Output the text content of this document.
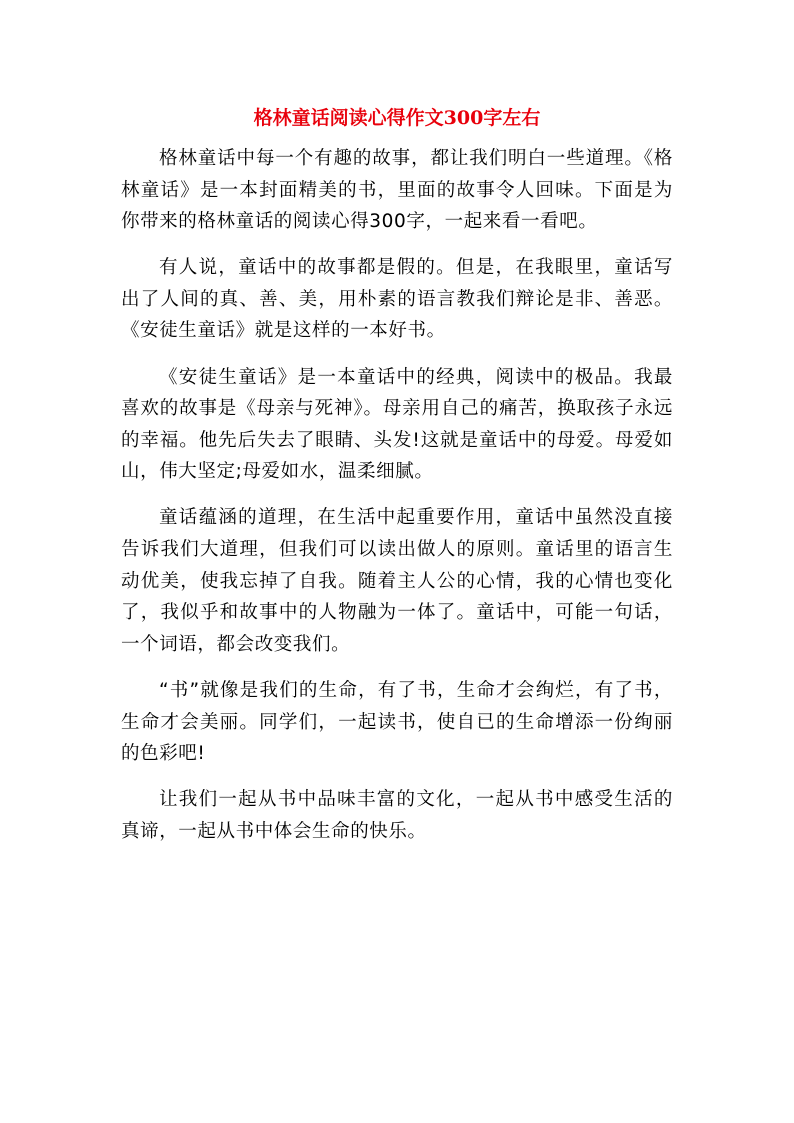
格林童话阅读心得作文300字左右

格林童话中每一个有趣的故事，都让我们明白一些道理。《格林童话》是一本封面精美的书，里面的故事令人回味。下面是为你带来的格林童话的阅读心得300字，一起来看一看吧。

有人说，童话中的故事都是假的。但是，在我眼里，童话写出了人间的真、善、美，用朴素的语言教我们辩论是非、善恶。《安徒生童话》就是这样的一本好书。

《安徒生童话》是一本童话中的经典，阅读中的极品。我最喜欢的故事是《母亲与死神》。母亲用自己的痛苦，换取孩子永远的幸福。他先后失去了眼睛、头发!这就是童话中的母爱。母爱如山，伟大坚定;母爱如水，温柔细腻。

童话蕴涵的道理，在生活中起重要作用，童话中虽然没直接告诉我们大道理，但我们可以读出做人的原则。童话里的语言生动优美，使我忘掉了自我。随着主人公的心情，我的心情也变化了，我似乎和故事中的人物融为一体了。童话中，可能一句话，一个词语，都会改变我们。

“书”就像是我们的生命，有了书，生命才会绚烂，有了书，生命才会美丽。同学们，一起读书，使自已的生命增添一份绚丽的色彩吧!

让我们一起从书中品味丰富的文化，一起从书中感受生活的真谛，一起从书中体会生命的快乐。
